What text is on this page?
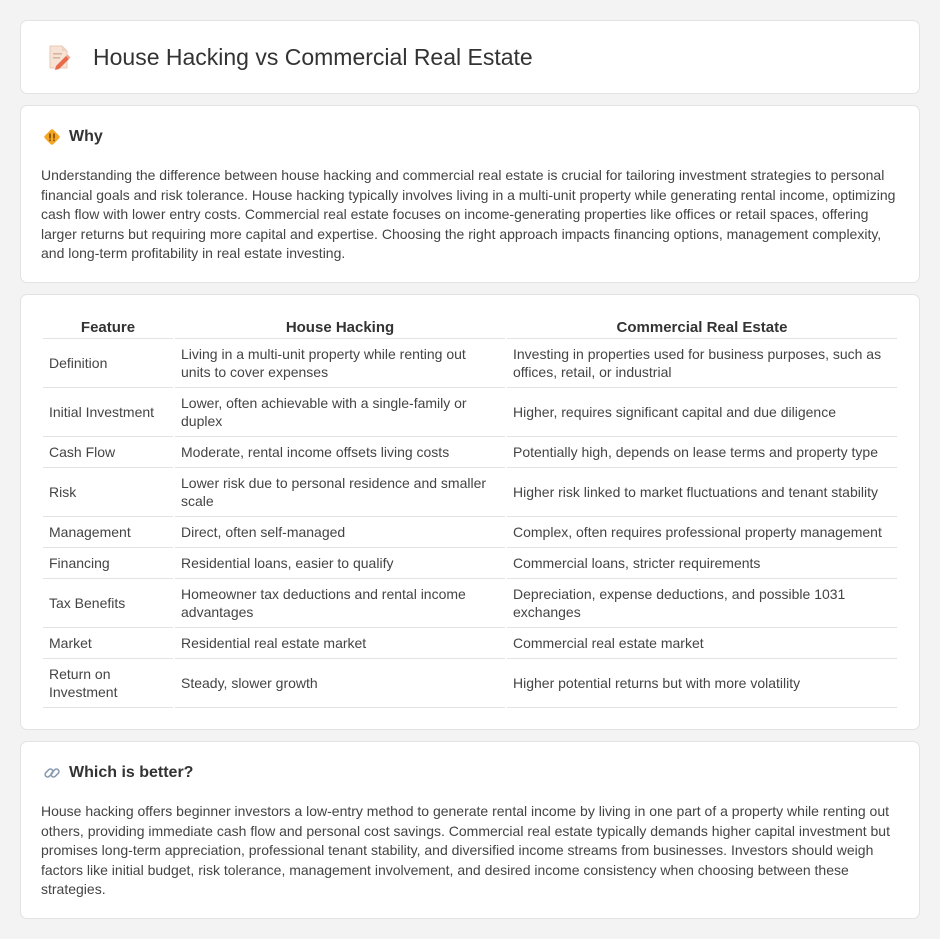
House Hacking vs Commercial Real Estate
Why

Understanding the difference between house hacking and commercial real estate is crucial for tailoring investment strategies to personal financial goals and risk tolerance. House hacking typically involves living in a multi-unit property while generating rental income, optimizing cash flow with lower entry costs. Commercial real estate focuses on income-generating properties like offices or retail spaces, offering larger returns but requiring more capital and expertise. Choosing the right approach impacts financing options, management complexity, and long-term profitability in real estate investing.

Feature	House Hacking	Commercial Real Estate
Definition	Living in a multi-unit property while renting out units to cover expenses	Investing in properties used for business purposes, such as offices, retail, or industrial
Initial Investment	Lower, often achievable with a single-family or duplex	Higher, requires significant capital and due diligence
Cash Flow	Moderate, rental income offsets living costs	Potentially high, depends on lease terms and property type
Risk	Lower risk due to personal residence and smaller scale	Higher risk linked to market fluctuations and tenant stability
Management	Direct, often self-managed	Complex, often requires professional property management
Financing	Residential loans, easier to qualify	Commercial loans, stricter requirements
Tax Benefits	Homeowner tax deductions and rental income advantages	Depreciation, expense deductions, and possible 1031 exchanges
Market	Residential real estate market	Commercial real estate market
Return on Investment	Steady, slower growth	Higher potential returns but with more volatility
Which is better?

House hacking offers beginner investors a low-entry method to generate rental income by living in one part of a property while renting out others, providing immediate cash flow and personal cost savings. Commercial real estate typically demands higher capital investment but promises long-term appreciation, professional tenant stability, and diversified income streams from businesses. Investors should weigh factors like initial budget, risk tolerance, management involvement, and desired income consistency when choosing between these strategies.
